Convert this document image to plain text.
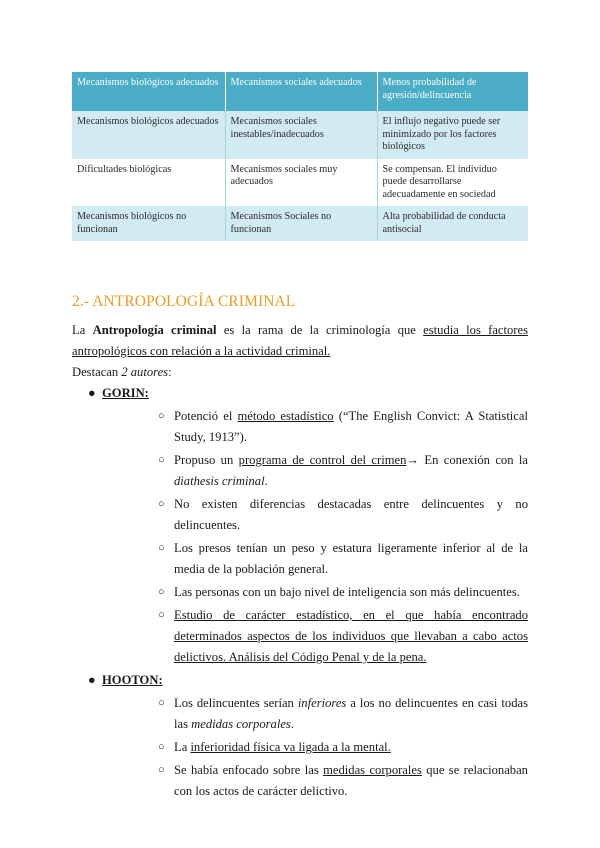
Mecanismos biológicos adecuados	Mecanismos sociales adecuados	Menos probabilidad de agresión/delincuencia
Mecanismos biológicos adecuados	Mecanismos sociales inestables/inadecuados	El influjo negativo puede ser minimizado por los factores biológicos
Dificultades biológicas	Mecanismos sociales muy adecuados	Se compensan. El individuo puede desarrollarse adecuadamente en sociedad
Mecanismos biológicos no funcionan	Mecanismos Sociales no funcionan	Alta probabilidad de conducta antisocial
2.- ANTROPOLOGÍA CRIMINAL

La Antropología criminal es la rama de la criminología que estudia los factores antropológicos con relación a la actividad criminal.

Destacan 2 autores:

● GORIN:
○ Potenció el método estadístico (“The English Convict: A Statistical Study, 1913”).
○ Propuso un programa de control del crimen→ En conexión con la diathesis criminal.
○ No existen diferencias destacadas entre delincuentes y no delincuentes.
○ Los presos tenían un peso y estatura ligeramente inferior al de la media de la población general.
○ Las personas con un bajo nivel de inteligencia son más delincuentes.
○ Estudio de carácter estadístico, en el que había encontrado determinados aspectos de los individuos que llevaban a cabo actos delictivos. Análisis del Código Penal y de la pena.
● HOOTON:
○ Los delincuentes serían inferiores a los no delincuentes en casi todas las medidas corporales.
○ La inferioridad física va ligada a la mental.
○ Se había enfocado sobre las medidas corporales que se relacionaban con los actos de carácter delictivo.
